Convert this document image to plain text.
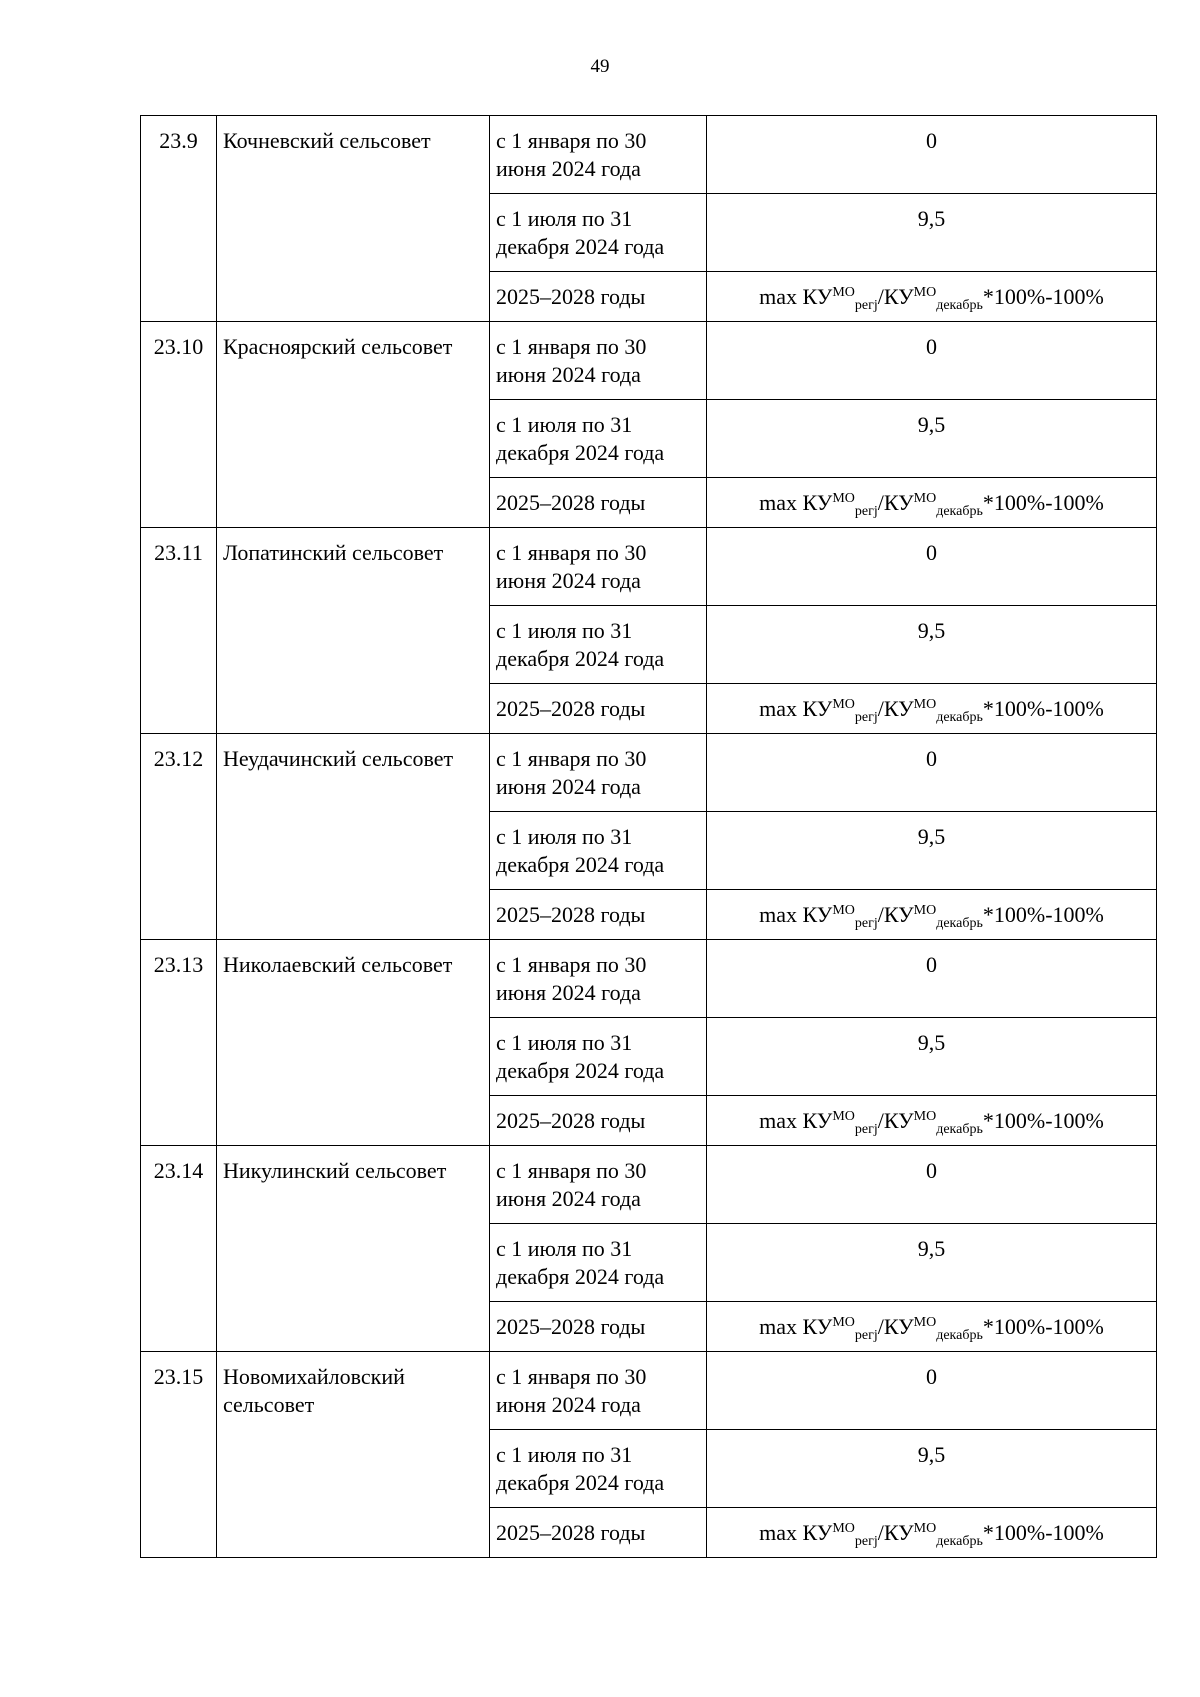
49
23.9	Кочневский сельсовет	с 1 января по 30 июня 2024 года	0
		с 1 июля по 31 декабря 2024 года	9,5
		2025–2028 годы	$\max КУ^{МО}_{регj}/КУ^{МО}_{декабрь}*100\%-100\%$
23.10	Красноярский сельсовет	с 1 января по 30 июня 2024 года	0
		с 1 июля по 31 декабря 2024 года	9,5
		2025–2028 годы	$\max КУ^{МО}_{регj}/КУ^{МО}_{декабрь}*100\%-100\%$
23.11	Лопатинский сельсовет	с 1 января по 30 июня 2024 года	0
		с 1 июля по 31 декабря 2024 года	9,5
		2025–2028 годы	$\max КУ^{МО}_{регj}/КУ^{МО}_{декабрь}*100\%-100\%$
23.12	Неудачинский сельсовет	с 1 января по 30 июня 2024 года	0
		с 1 июля по 31 декабря 2024 года	9,5
		2025–2028 годы	$\max КУ^{МО}_{регj}/КУ^{МО}_{декабрь}*100\%-100\%$
23.13	Николаевский сельсовет	с 1 января по 30 июня 2024 года	0
		с 1 июля по 31 декабря 2024 года	9,5
		2025–2028 годы	$\max КУ^{МО}_{регj}/КУ^{МО}_{декабрь}*100\%-100\%$
23.14	Никулинский сельсовет	с 1 января по 30 июня 2024 года	0
		с 1 июля по 31 декабря 2024 года	9,5
		2025–2028 годы	$\max КУ^{МО}_{регj}/КУ^{МО}_{декабрь}*100\%-100\%$
23.15	Новомихайловский сельсовет	с 1 января по 30 июня 2024 года	0
		с 1 июля по 31 декабря 2024 года	9,5
		2025–2028 годы	$\max КУ^{МО}_{регj}/КУ^{МО}_{декабрь}*100\%-100\%$
